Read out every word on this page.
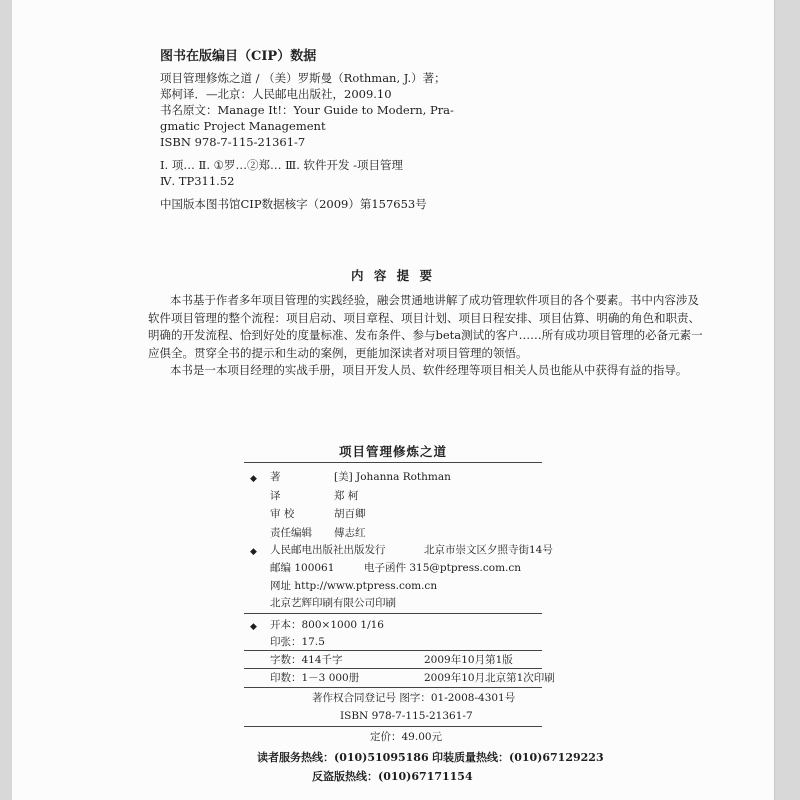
图书在版编目（CIP）数据
项目管理修炼之道 / （美）罗斯曼（Rothman, J.）著；
郑柯译．—北京：人民邮电出版社，2009.10
书名原文：Manage It!：Your Guide to Modern, Pra-
gmatic Project Management
ISBN 978-7-115-21361-7
Ⅰ. 项… Ⅱ. ①罗…②郑… Ⅲ. 软件开发 -项目管理
Ⅳ. TP311.52
中国版本图书馆CIP数据核字（2009）第157653号
内 容 提 要

本书基于作者多年项目管理的实践经验，融会贯通地讲解了成功管理软件项目的各个要素。书中内容涉及软件项目管理的整个流程：项目启动、项目章程、项目计划、项目日程安排、项目估算、明确的角色和职责、明确的开发流程、恰到好处的度量标准、发布条件、参与beta测试的客户……所有成功项目管理的必备元素一应俱全。贯穿全书的提示和生动的案例，更能加深读者对项目管理的领悟。

本书是一本项目经理的实战手册，项目开发人员、软件经理等项目相关人员也能从中获得有益的指导。

项目管理修炼之道
◆ 著	[美] Johanna Rothman
译	郑 柯
审 校	胡百卿
责任编辑 傅志红
◆ 人民邮电出版社出版发行	北京市崇文区夕照寺街14号
邮编 100061	电子函件 315@ptpress.com.cn
网址 http://www.ptpress.com.cn
北京艺辉印刷有限公司印刷
◆ 开本：800×1000 1/16
印张：17.5
字数：414千字	2009年10月第1版
印数：1－3 000册	2009年10月北京第1次印刷
著作权合同登记号 图字：01-2008-4301号
ISBN 978-7-115-21361-7
定价：49.00元
读者服务热线：(010)51095186 印装质量热线：(010)67129223
反盗版热线：(010)67171154
